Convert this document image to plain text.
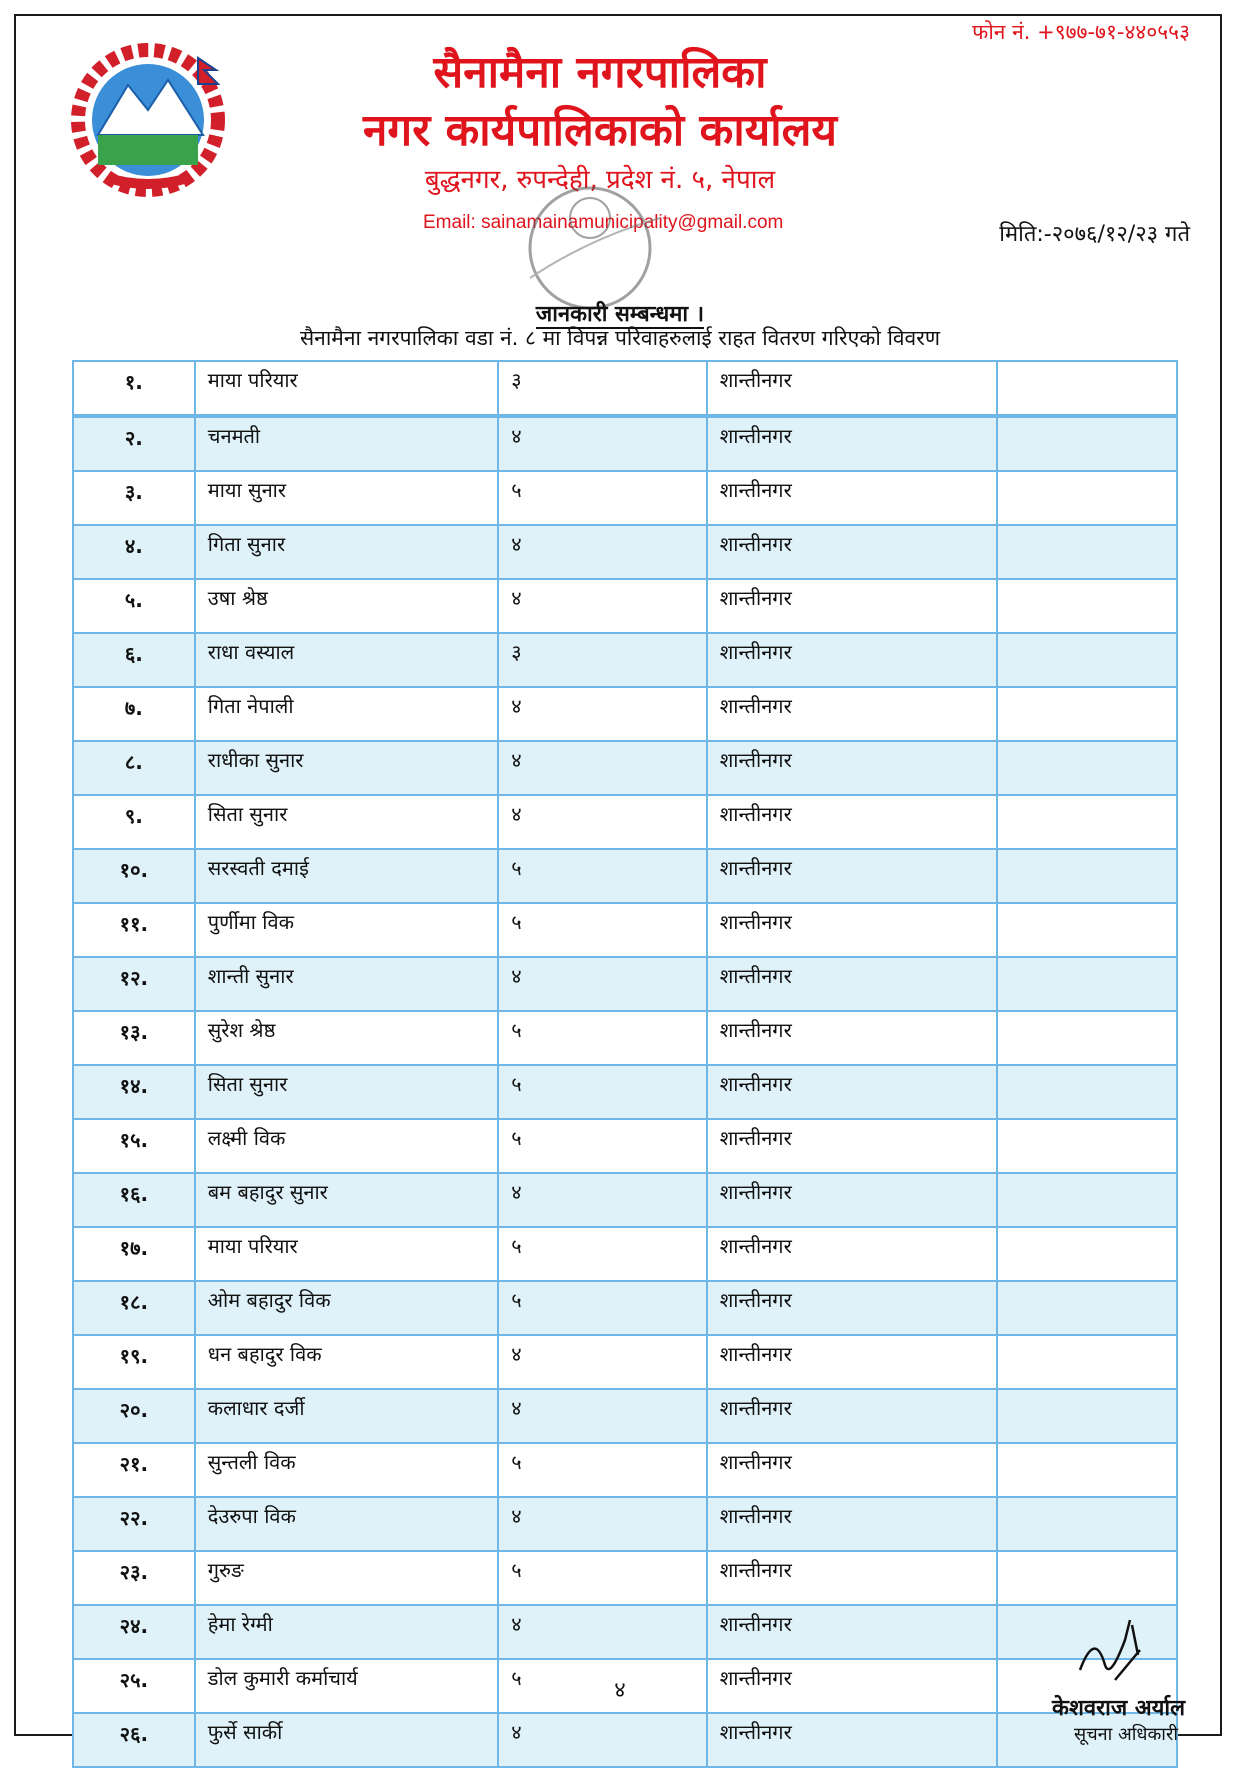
फोन नं. +९७७-७१-४४०५५३
सैनामैना नगरपालिका
नगर कार्यपालिकाको कार्यालय
बुद्धनगर, रुपन्देही, प्रदेश नं. ५, नेपाल
Email: sainamainamunicipality@gmail.com	मिति:-२०७६/१२/२३ गते
जानकारी सम्बन्धमा ।
सैनामैना नगरपालिका वडा नं. ८ मा विपन्न परिवाहरुलाई राहत वितरण गरिएको विवरण
१.	माया परियार	३	शान्तीनगर	
२.	चनमती	४	शान्तीनगर	
३.	माया सुनार	५	शान्तीनगर	
४.	गिता सुनार	४	शान्तीनगर	
५.	उषा श्रेष्ठ	४	शान्तीनगर	
६.	राधा वस्याल	३	शान्तीनगर	
७.	गिता नेपाली	४	शान्तीनगर	
८.	राधीका सुनार	४	शान्तीनगर	
९.	सिता सुनार	४	शान्तीनगर	
१०.	सरस्वती दमाई	५	शान्तीनगर	
११.	पुर्णीमा विक	५	शान्तीनगर	
१२.	शान्ती सुनार	४	शान्तीनगर	
१३.	सुरेश श्रेष्ठ	५	शान्तीनगर	
१४.	सिता सुनार	५	शान्तीनगर	
१५.	लक्ष्मी विक	५	शान्तीनगर	
१६.	बम बहादुर सुनार	४	शान्तीनगर	
१७.	माया परियार	५	शान्तीनगर	
१८.	ओम बहादुर विक	५	शान्तीनगर	
१९.	धन बहादुर विक	४	शान्तीनगर	
२०.	कलाधार दर्जी	४	शान्तीनगर	
२१.	सुन्तली विक	५	शान्तीनगर	
२२.	देउरुपा विक	४	शान्तीनगर	
२३.	गुरुङ	५	शान्तीनगर	
२४.	हेमा रेग्मी	४	शान्तीनगर	
२५.	डोल कुमारी कर्माचार्य	५	शान्तीनगर	
२६.	फुर्से सार्की	४	शान्तीनगर	
४
केशवराज अर्याल
सूचना अधिकारी
